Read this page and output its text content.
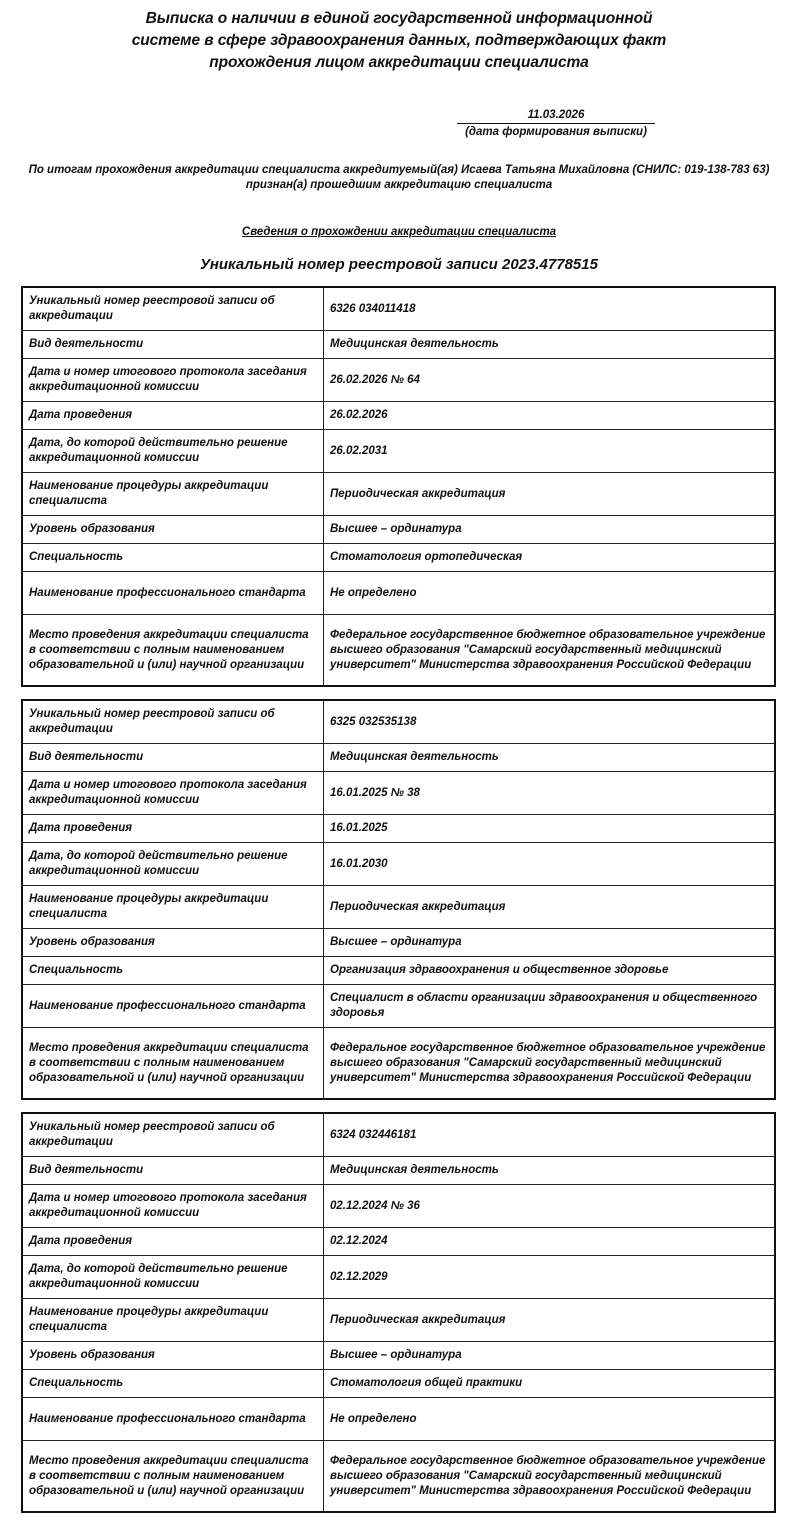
Выписка о наличии в единой государственной информационной
системе в сфере здравоохранения данных, подтверждающих факт
прохождения лицом аккредитации специалиста
11.03.2026
(дата формирования выписки)
По итогам прохождения аккредитации специалиста аккредитуемый(ая) Исаева Татьяна Михайловна (СНИЛС: 019-138-783 63) признан(а) прошедшим аккредитацию специалиста
Сведения о прохождении аккредитации специалиста
Уникальный номер реестровой записи 2023.4778515
Уникальный номер реестровой записи об аккредитации	6326 034011418
Вид деятельности	Медицинская деятельность
Дата и номер итогового протокола заседания аккредитационной комиссии	26.02.2026 № 64
Дата проведения	26.02.2026
Дата, до которой действительно решение аккредитационной комиссии	26.02.2031
Наименование процедуры аккредитации специалиста	Периодическая аккредитация
Уровень образования	Высшее – ординатура
Специальность	Стоматология ортопедическая
Наименование профессионального стандарта	Не определено
Место проведения аккредитации специалиста в соответствии с полным наименованием образовательной и (или) научной организации	Федеральное государственное бюджетное образовательное учреждение высшего образования "Самарский государственный медицинский университет" Министерства здравоохранения Российской Федерации
Уникальный номер реестровой записи об аккредитации	6325 032535138
Вид деятельности	Медицинская деятельность
Дата и номер итогового протокола заседания аккредитационной комиссии	16.01.2025 № 38
Дата проведения	16.01.2025
Дата, до которой действительно решение аккредитационной комиссии	16.01.2030
Наименование процедуры аккредитации специалиста	Периодическая аккредитация
Уровень образования	Высшее – ординатура
Специальность	Организация здравоохранения и общественное здоровье
Наименование профессионального стандарта	Специалист в области организации здравоохранения и общественного здоровья
Место проведения аккредитации специалиста в соответствии с полным наименованием образовательной и (или) научной организации	Федеральное государственное бюджетное образовательное учреждение высшего образования "Самарский государственный медицинский университет" Министерства здравоохранения Российской Федерации
Уникальный номер реестровой записи об аккредитации	6324 032446181
Вид деятельности	Медицинская деятельность
Дата и номер итогового протокола заседания аккредитационной комиссии	02.12.2024 № 36
Дата проведения	02.12.2024
Дата, до которой действительно решение аккредитационной комиссии	02.12.2029
Наименование процедуры аккредитации специалиста	Периодическая аккредитация
Уровень образования	Высшее – ординатура
Специальность	Стоматология общей практики
Наименование профессионального стандарта	Не определено
Место проведения аккредитации специалиста в соответствии с полным наименованием образовательной и (или) научной организации	Федеральное государственное бюджетное образовательное учреждение высшего образования "Самарский государственный медицинский университет" Министерства здравоохранения Российской Федерации
